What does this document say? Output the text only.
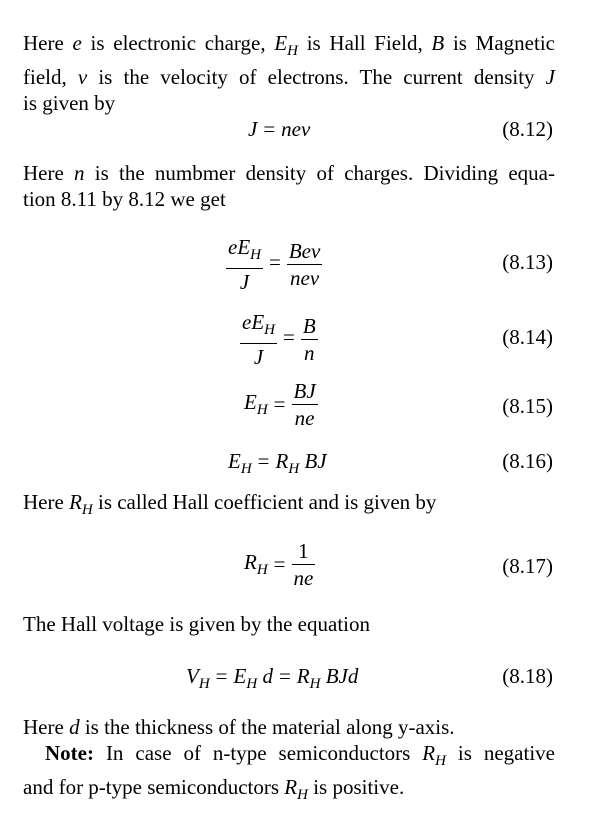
Here e is electronic charge, $E_H$ is Hall Field, B is Magnetic
field, v is the velocity of electrons. The current density J
is given by
J = nev	(8.12)
Here n is the numbmer density of charges. Dividing equa-
tion 8.11 by 8.12 we get
$\frac{eE_H}{J} = \frac{\text{Bev}}{\text{nev}}$	(8.13)
$\frac{eE_H}{J} = \frac{B}{n}$	(8.14)
$E_H = \frac{BJ}{ne}$	(8.15)
$E_H = R_H$ BJ	(8.16)
Here $R_H$ is called Hall coefficient and is given by
$R_H = \frac{1}{ne}$	(8.17)
The Hall voltage is given by the equation
$V_H = E_H$ $d = R_H$ BJd	(8.18)
Here d is the thickness of the material along y-axis.
Note: In case of n-type semiconductors $R_H$ is negative
and for p-type semiconductors $R_H$ is positive.
